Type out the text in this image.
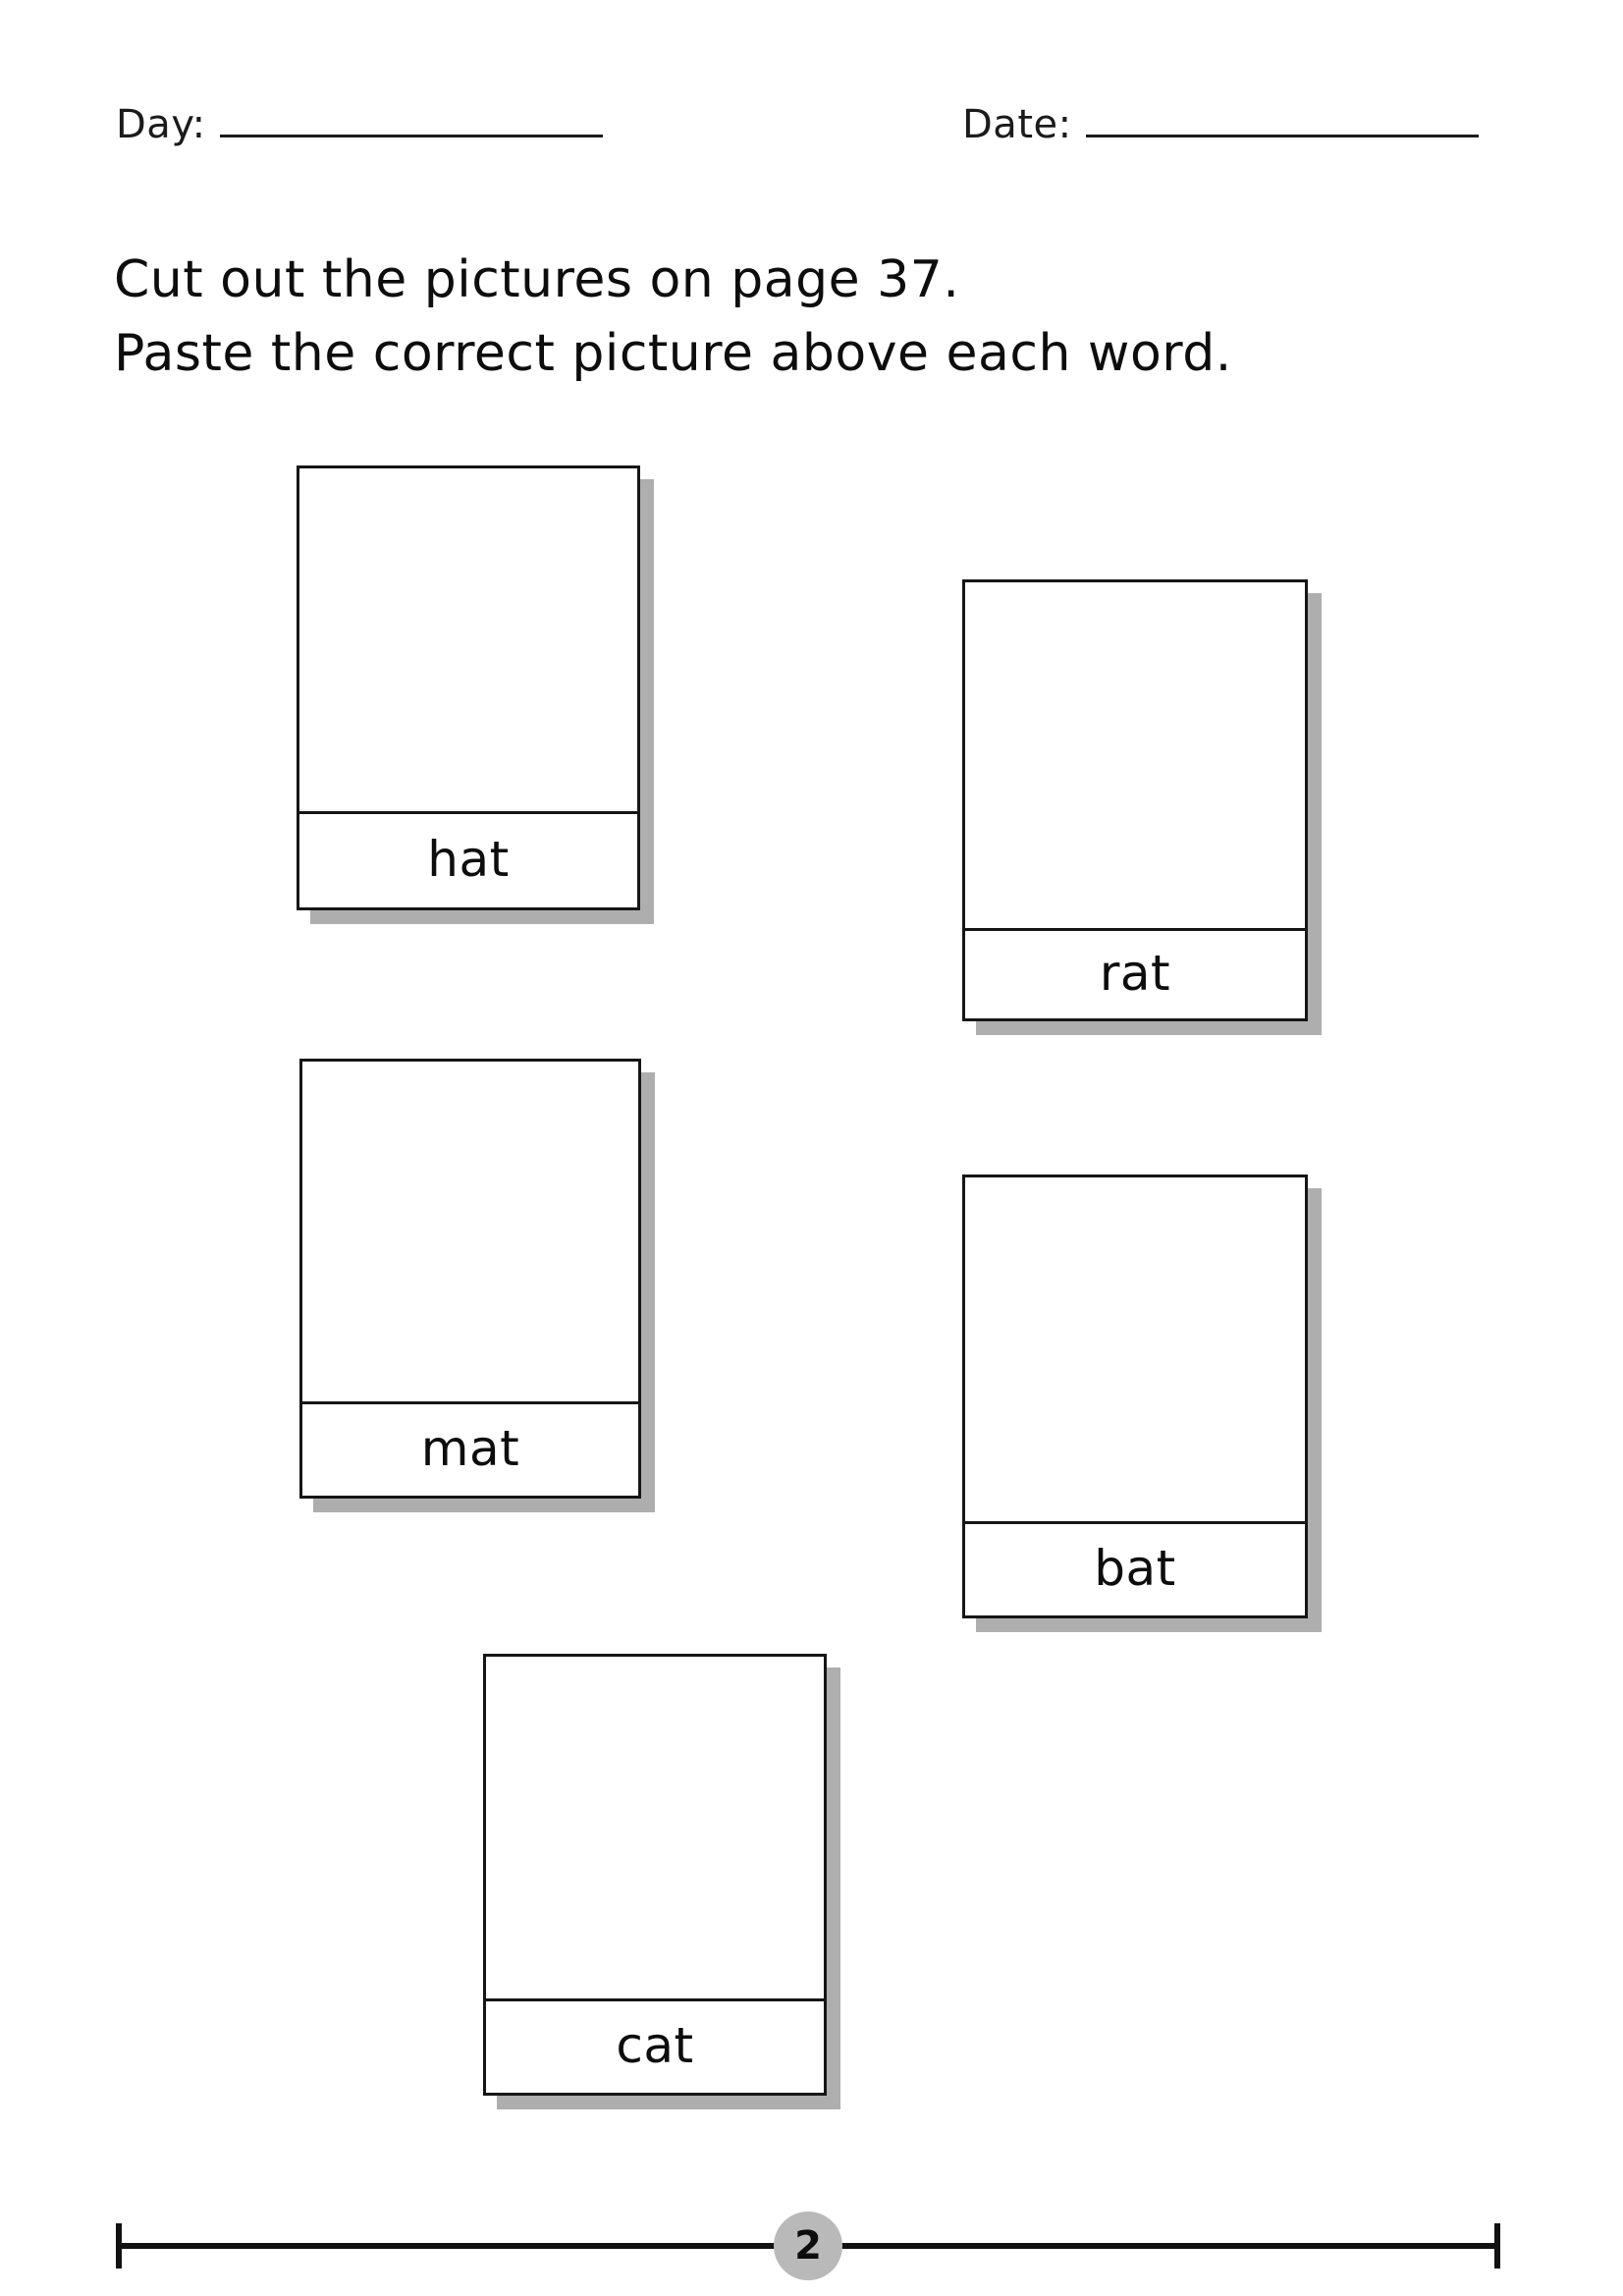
Day:	Date:
Cut out the pictures on page 37.
Paste the correct picture above each word.
hat
rat
mat
bat
cat
2
